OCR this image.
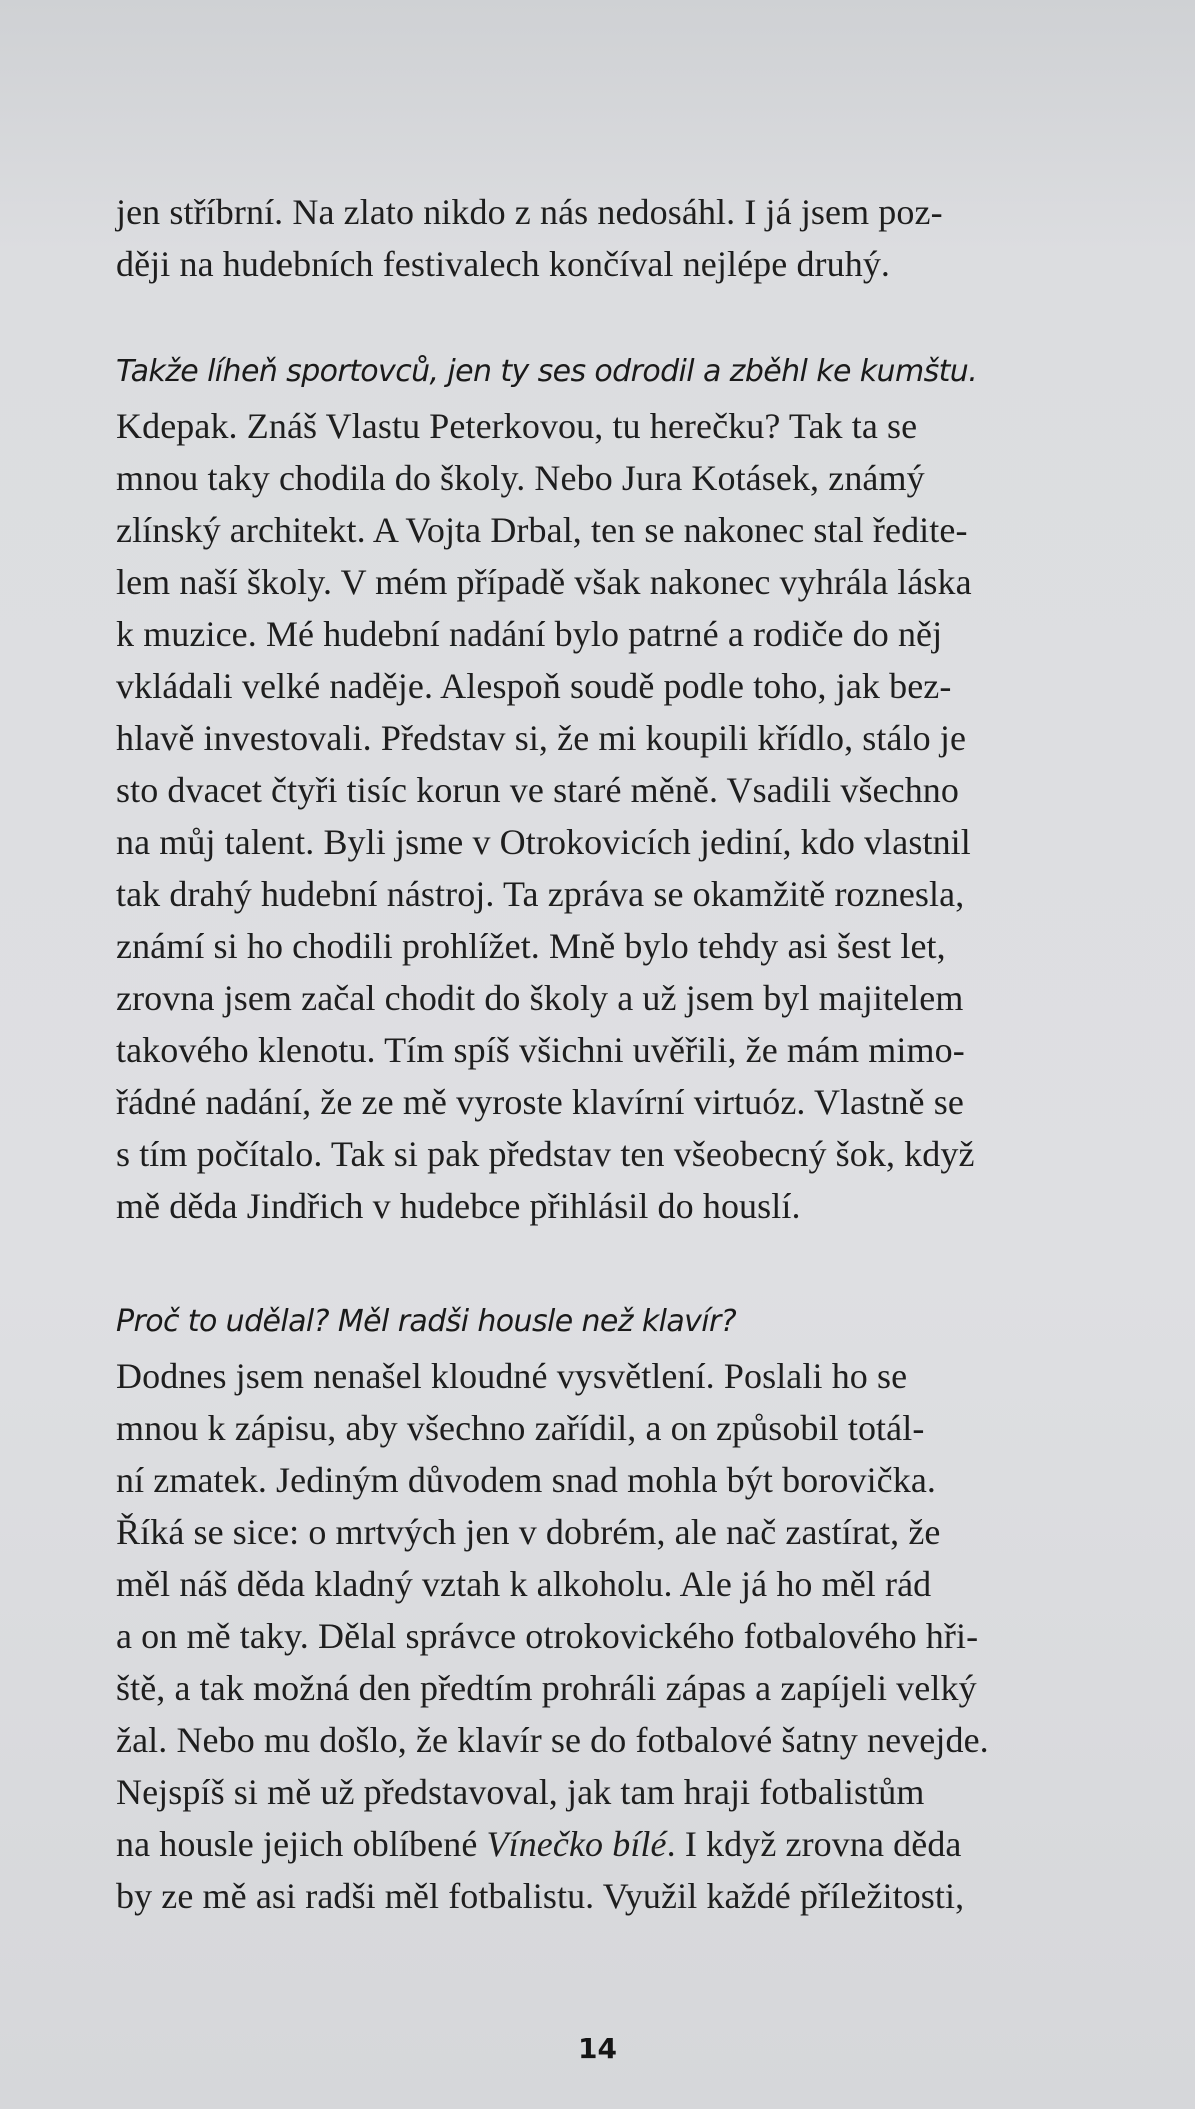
jen stříbrní. Na zlato nikdo z nás nedosáhl. I já jsem poz-
ději na hudebních festivalech končíval nejlépe druhý.
Takže líheň sportovců, jen ty ses odrodil a zběhl ke kumštu.
Kdepak. Znáš Vlastu Peterkovou, tu herečku? Tak ta se
mnou taky chodila do školy. Nebo Jura Kotásek, známý
zlínský architekt. A Vojta Drbal, ten se nakonec stal ředite-
lem naší školy. V mém případě však nakonec vyhrála láska
k muzice. Mé hudební nadání bylo patrné a rodiče do něj
vkládali velké naděje. Alespoň soudě podle toho, jak bez-
hlavě investovali. Představ si, že mi koupili křídlo, stálo je
sto dvacet čtyři tisíc korun ve staré měně. Vsadili všechno
na můj talent. Byli jsme v Otrokovicích jediní, kdo vlastnil
tak drahý hudební nástroj. Ta zpráva se okamžitě roznesla,
známí si ho chodili prohlížet. Mně bylo tehdy asi šest let,
zrovna jsem začal chodit do školy a už jsem byl majitelem
takového klenotu. Tím spíš všichni uvěřili, že mám mimo-
řádné nadání, že ze mě vyroste klavírní virtuóz. Vlastně se
s tím počítalo. Tak si pak představ ten všeobecný šok, když
mě děda Jindřich v hudebce přihlásil do houslí.
Proč to udělal? Měl radši housle než klavír?
Dodnes jsem nenašel kloudné vysvětlení. Poslali ho se
mnou k zápisu, aby všechno zařídil, a on způsobil totál-
ní zmatek. Jediným důvodem snad mohla být borovička.
Říká se sice: o mrtvých jen v dobrém, ale nač zastírat, že
měl náš děda kladný vztah k alkoholu. Ale já ho měl rád
a on mě taky. Dělal správce otrokovického fotbalového hři-
ště, a tak možná den předtím prohráli zápas a zapíjeli velký
žal. Nebo mu došlo, že klavír se do fotbalové šatny nevejde.
Nejspíš si mě už představoval, jak tam hraji fotbalistům
na housle jejich oblíbené Vínečko bílé. I když zrovna děda
by ze mě asi radši měl fotbalistu. Využil každé příležitosti,
14
